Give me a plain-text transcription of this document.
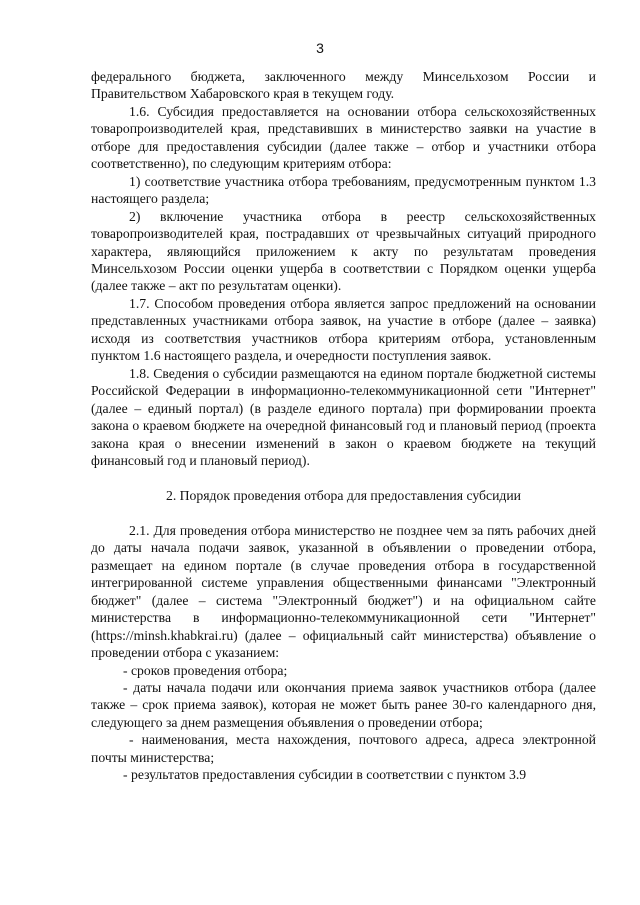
3

федерального бюджета, заключенного между Минсельхозом России и Правительством Хабаровского края в текущем году.

1.6. Субсидия предоставляется на основании отбора сельскохозяйственных товаропроизводителей края, представивших в министерство заявки на участие в отборе для предоставления субсидии (далее также – отбор и участники отбора соответственно), по следующим критериям отбора:

1) соответствие участника отбора требованиям, предусмотренным пунктом 1.3 настоящего раздела;

2) включение участника отбора в реестр сельскохозяйственных товаропроизводителей края, пострадавших от чрезвычайных ситуаций природного характера, являющийся приложением к акту по результатам проведения Минсельхозом России оценки ущерба в соответствии с Порядком оценки ущерба (далее также – акт по результатам оценки).

1.7. Способом проведения отбора является запрос предложений на основании представленных участниками отбора заявок, на участие в отборе (далее – заявка) исходя из соответствия участников отбора критериям отбора, установленным пунктом 1.6 настоящего раздела, и очередности поступления заявок.

1.8. Сведения о субсидии размещаются на едином портале бюджетной системы Российской Федерации в информационно-телекоммуникационной сети "Интернет" (далее – единый портал) (в разделе единого портала) при формировании проекта закона о краевом бюджете на очередной финансовый год и плановый период (проекта закона края о внесении изменений в закон о краевом бюджете на текущий финансовый год и плановый период).

2. Порядок проведения отбора для предоставления субсидии

2.1. Для проведения отбора министерство не позднее чем за пять рабочих дней до даты начала подачи заявок, указанной в объявлении о проведении отбора, размещает на едином портале (в случае проведения отбора в государственной интегрированной системе управления общественными финансами "Электронный бюджет" (далее – система "Электронный бюджет") и на официальном сайте министерства в информационно-телекоммуникационной сети "Интернет" (https://minsh.khabkrai.ru) (далее – официальный сайт министерства) объявление о проведении отбора с указанием:

- сроков проведения отбора;

- даты начала подачи или окончания приема заявок участников отбора (далее также – срок приема заявок), которая не может быть ранее 30-го календарного дня, следующего за днем размещения объявления о проведении отбора;

- наименования, места нахождения, почтового адреса, адреса электронной почты министерства;

- результатов предоставления субсидии в соответствии с пунктом 3.9
